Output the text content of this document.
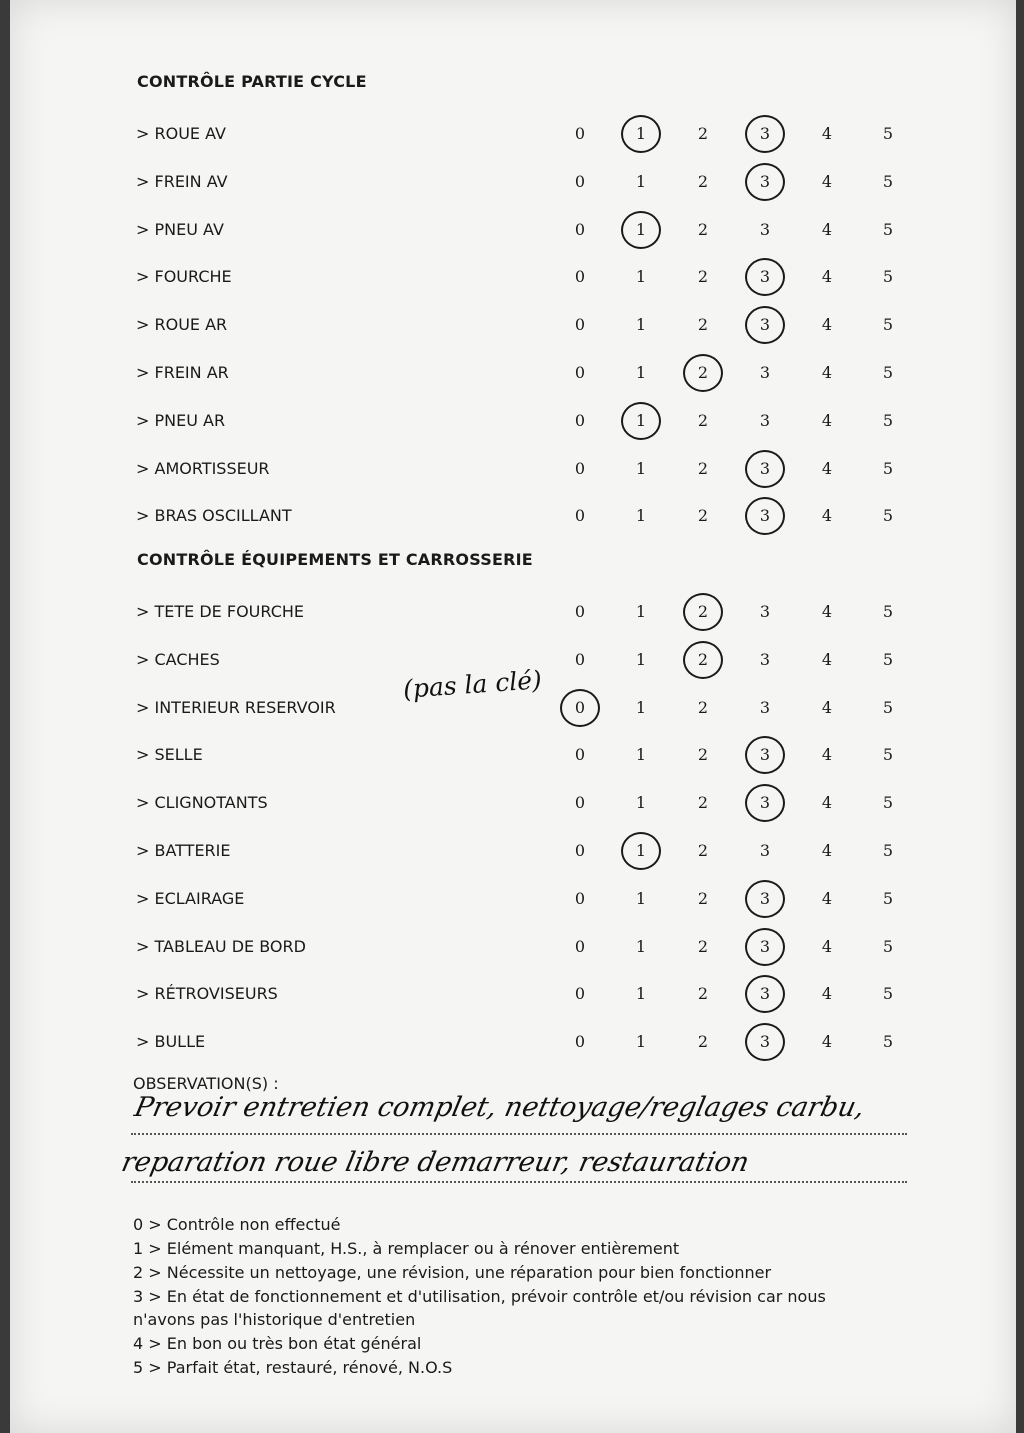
CONTRÔLE PARTIE CYCLE
> ROUE AV	0	1	2	3	4	5
> FREIN AV	0	1	2	3	4	5
> PNEU AV	0	1	2	3	4	5
> FOURCHE	0	1	2	3	4	5
> ROUE AR	0	1	2	3	4	5
> FREIN AR	0	1	2	3	4	5
> PNEU AR	0	1	2	3	4	5
> AMORTISSEUR	0	1	2	3	4	5
> BRAS OSCILLANT	0	1	2	3	4	5
CONTRÔLE ÉQUIPEMENTS ET CARROSSERIE
> TETE DE FOURCHE	0	1	2	3	4	5
> CACHES	0	1	2	3	4	5
> INTERIEUR RESERVOIR	0	1	2	3	4	5
> SELLE	0	1	2	3	4	5
> CLIGNOTANTS	0	1	2	3	4	5
> BATTERIE	0	1	2	3	4	5
> ECLAIRAGE	0	1	2	3	4	5
> TABLEAU DE BORD	0	1	2	3	4	5
> RÉTROVISEURS	0	1	2	3	4	5
> BULLE	0	1	2	3	4	5
(pas la clé)
OBSERVATION(S) :
Prevoir entretien complet, nettoyage/reglages carbu,
reparation roue libre demarreur, restauration
0 > Contrôle non effectué
1 > Elément manquant, H.S., à remplacer ou à rénover entièrement
2 > Nécessite un nettoyage, une révision, une réparation pour bien fonctionner
3 > En état de fonctionnement et d'utilisation, prévoir contrôle et/ou révision car nous
n'avons pas l'historique d'entretien
4 > En bon ou très bon état général
5 > Parfait état, restauré, rénové, N.O.S
